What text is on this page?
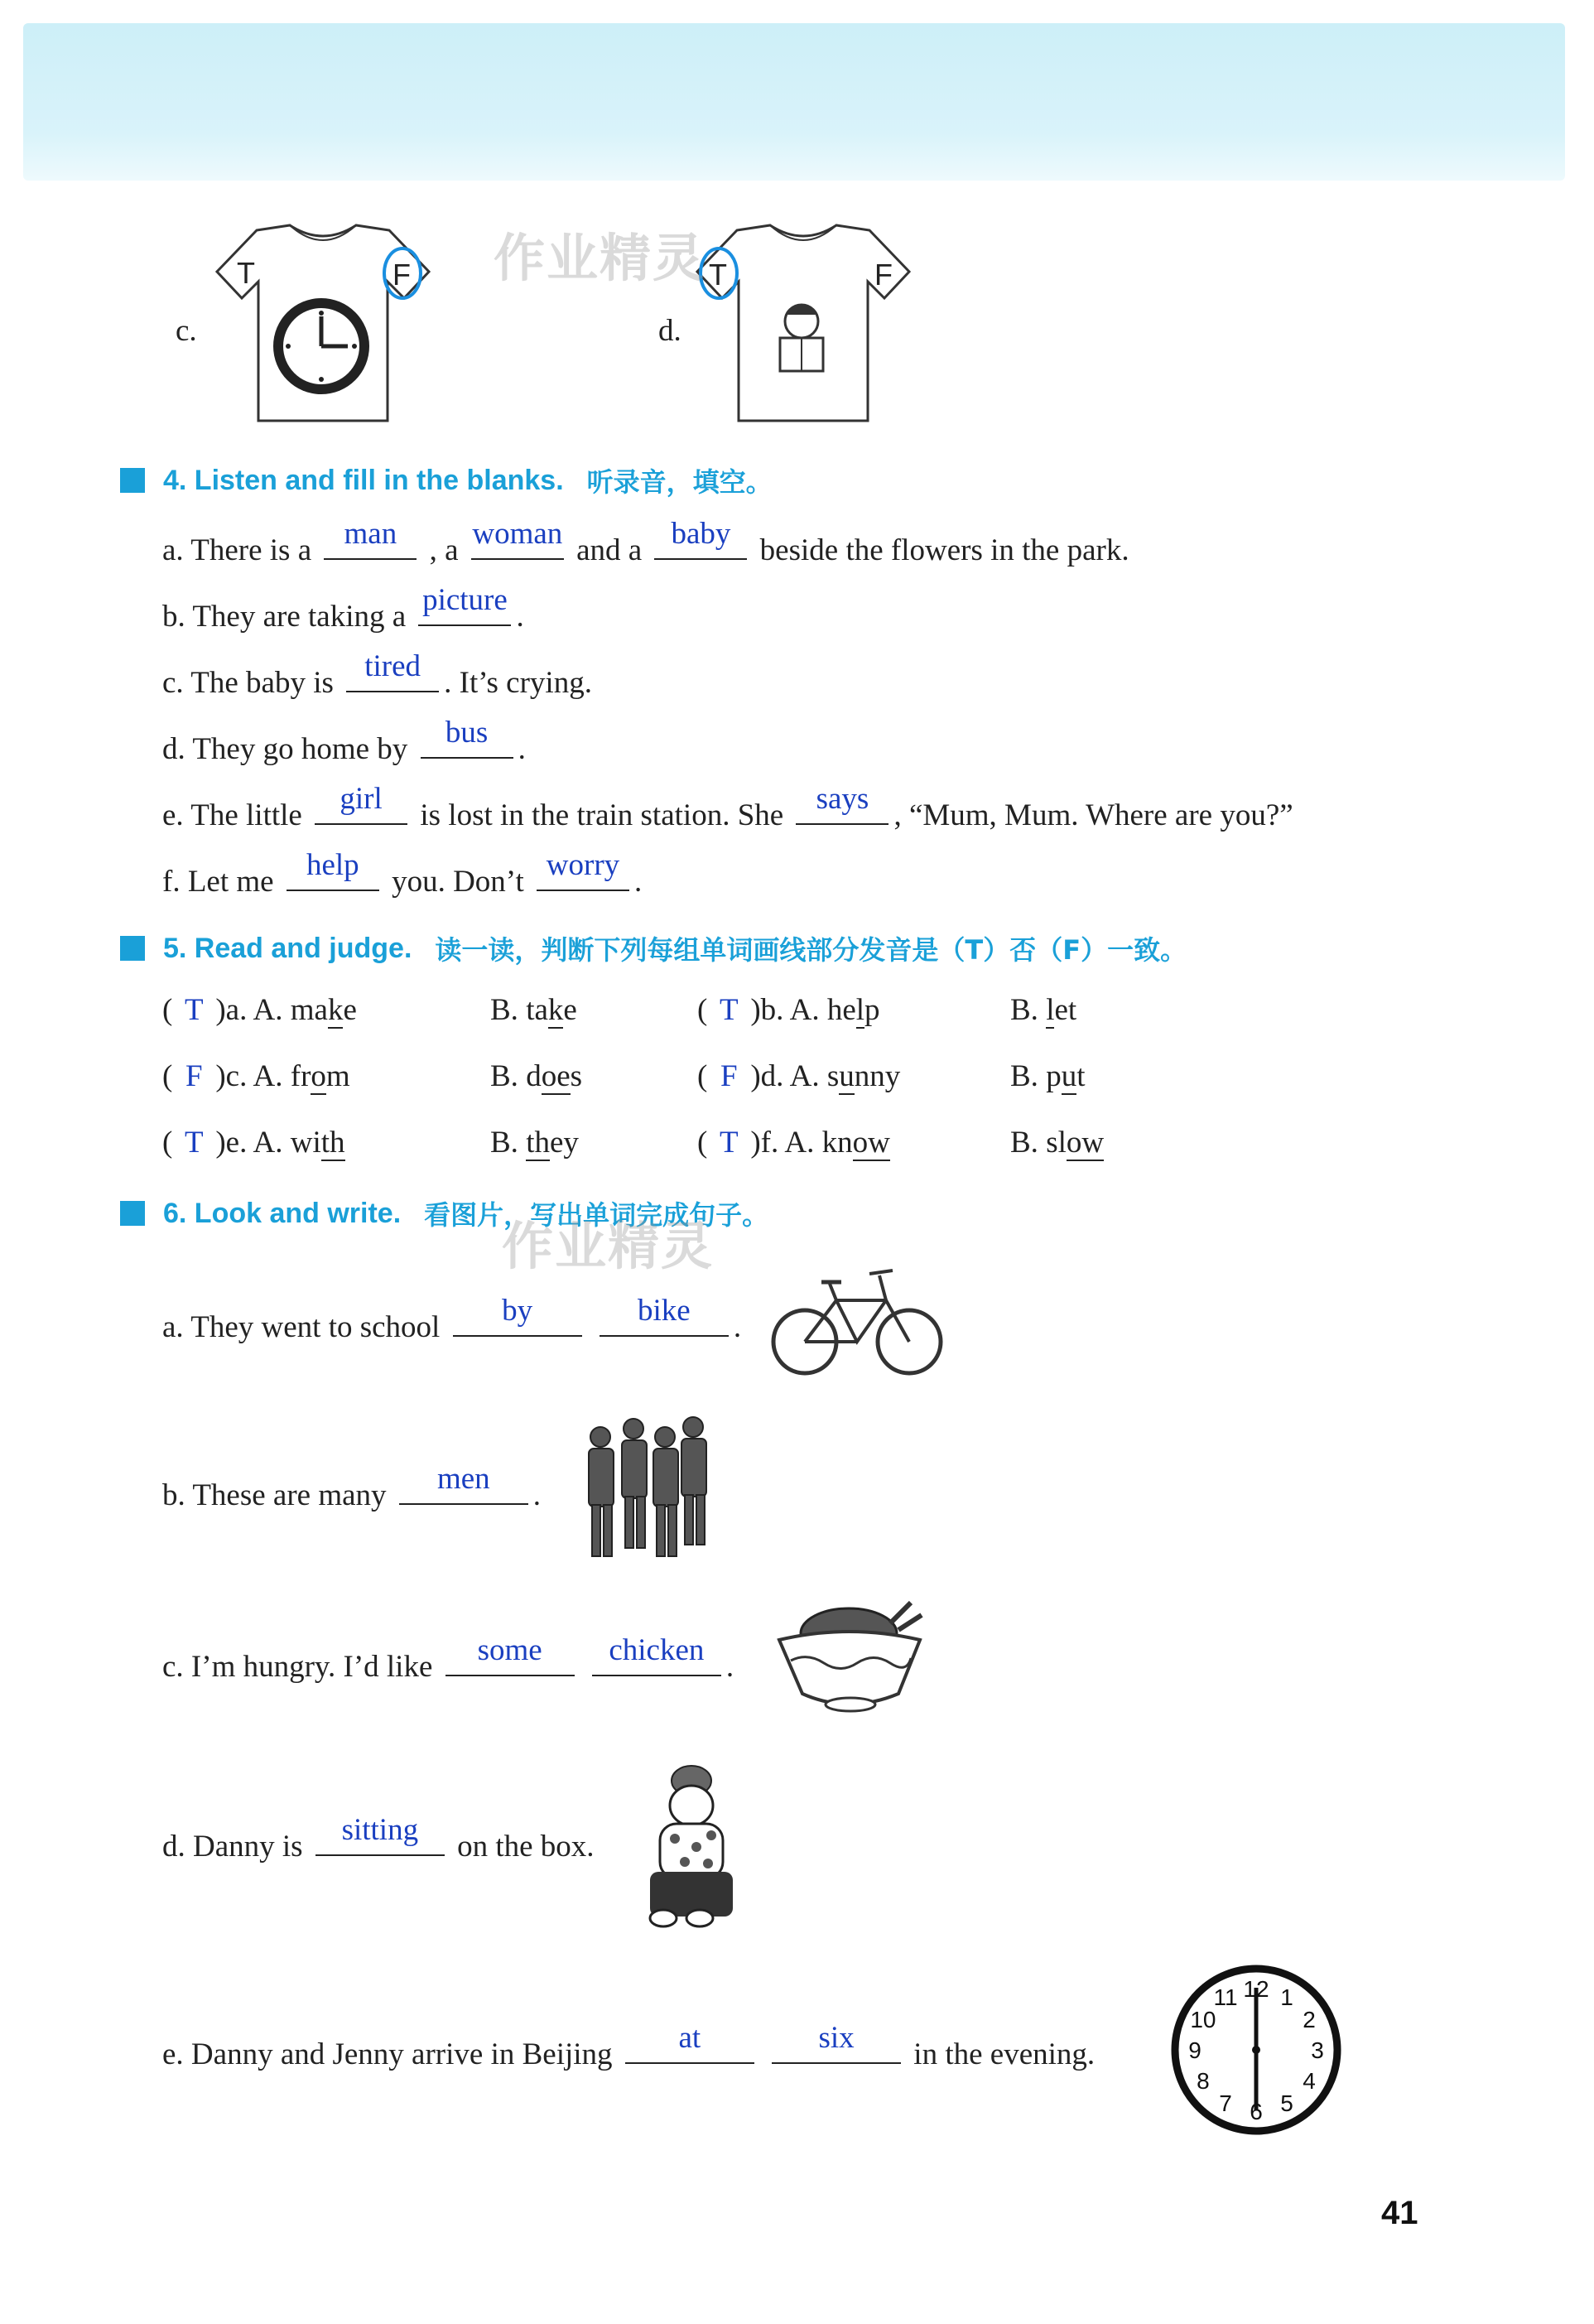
c.
T	F
d.
T	F
作业精灵
4. Listen and fill in the blanks. 听录音，填空。
a. There is a	man	, a woman and a baby beside the flowers in the park.
b. They are taking a picture .
c. The baby is	tired . It’s crying.
d. They go home by	bus .
e. The little	girl	is lost in the train station. She	says , “Mum, Mum. Where are you?”
f. Let me	help	you. Don’t worry .
5. Read and judge. 读一读，判断下列每组单词画线部分发音是（T）否（F）一致。
( T )a. A. make	B. take	( T )b. A. help	B. let
( F )c. A. from	B. does	( F )d. A. sunny	B. put
( T )e. A. with	B. they	( T )f. A. know	B. slow
6. Look and write. 看图片，写出单词完成句子。
作业精灵
a. They went to school	by
	bike	.
b. These are many	men	.
c. I’m hungry. I’d like	some
	chicken .
d. Danny is	sitting	on the box.
e. Danny and Jenny arrive in Beijing	at
	six	in the evening.
12 1
2
3
4
5
6
7
8
9
10
11
41
